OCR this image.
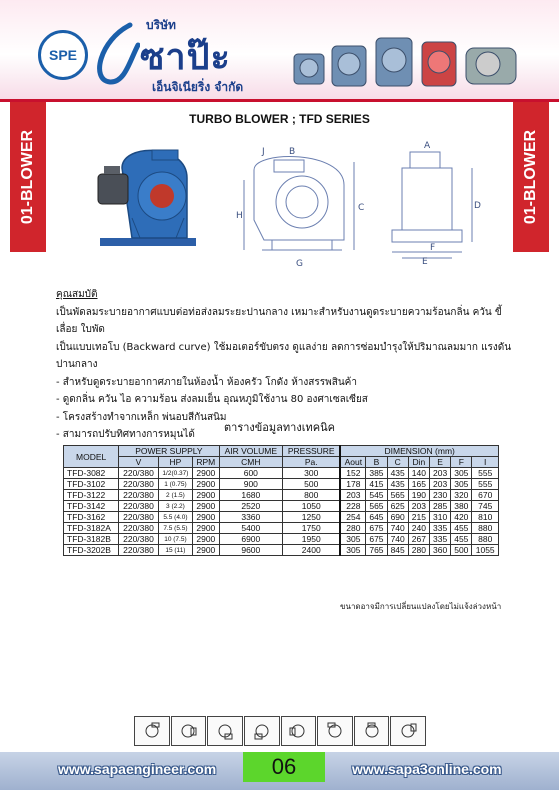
SPE
บริษัท
ซาป๊ะ
เอ็นจิเนียริ่ง จำกัด
01-BLOWER	01-BLOWER
TURBO BLOWER ; TFD SERIES
J	B
A
C
H
G
D
E
F
คุณสมบัติ
เป็นพัดลมระบายอากาศแบบต่อท่อส่งลมระยะปานกลาง เหมาะสำหรับงานดูดระบายความร้อนกลิ่น ควัน ขี้เลื่อย ใบพัด
เป็นแบบเทอโบ (Backward curve) ใช้มอเตอร์ขับตรง ดูแลง่าย ลดการซ่อมบำรุงให้ปริมาณลมมาก แรงดันปานกลาง
- สำหรับดูดระบายอากาศภายในห้องน้ำ ห้องครัว โกดัง ห้างสรรพสินค้า
- ดูดกลิ่น ควัน ไอ ความร้อน ส่งลมเย็น อุณหภูมิใช้งาน 80 องศาเซลเซียส
- โครงสร้างทำจากเหล็ก พ่นอบสีกันสนิม
- สามารถปรับทิศทางการหมุนได้
ตารางข้อมูลทางเทคนิค
MODEL	POWER SUPPLY			AIR VOLUME	PRESSURE	DIMENSION (mm)						
	V	HP	RPM	CMH	Pa.	Aout	B	C	Din	E	F	I
TFD-3082	220/380	1/2(0.37)	2900	600	300	152	385	435	140	203	305	555
TFD-3102	220/380	1 (0.75)	2900	900	500	178	415	435	165	203	305	555
TFD-3122	220/380	2 (1.5)	2900	1680	800	203	545	565	190	230	320	670
TFD-3142	220/380	3 (2.2)	2900	2520	1050	228	565	625	203	285	380	745
TFD-3162	220/380	5.5 (4.0)	2900	3360	1250	254	645	690	215	310	420	810
TFD-3182A	220/380	7.5 (5.5)	2900	5400	1750	280	675	740	240	335	455	880
TFD-3182B	220/380	10 (7.5)	2900	6900	1950	305	675	740	267	335	455	880
TFD-3202B	220/380	15 (11)	2900	9600	2400	305	765	845	280	360	500	1055
ขนาดอาจมีการเปลี่ยนแปลงโดยไม่แจ้งล่วงหน้า
www.sapaengineer.com	www.sapa3online.com
06
